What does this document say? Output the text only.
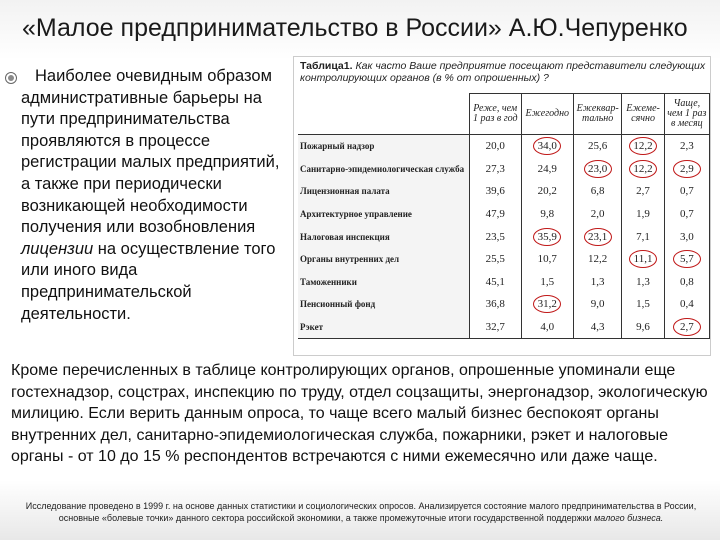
«Малое предпринимательство в России» А.Ю.Чепуренко
Наиболее очевидным образом административные барьеры на пути предпринимательства проявляются в процессе регистрации малых предприятий, а также при периодически возникающей необходимости получения или возобновления лицензии на осуществление того или иного вида предпринимательской деятельности.
Таблица1. Как часто Ваше предприятие посещают представители следующих контролирующих органов (в % от опрошенных) ?
	Реже, чем 1 раз в год	Ежегодно	Ежеквар-тально	Ежеме-сячно	Чаще, чем 1 раз в месяц
Пожарный надзор	20,0	34,0	25,6	12,2	2,3
Санитарно-эпидемиологическая служба	27,3	24,9	23,0	12,2	2,9
Лицензионная палата	39,6	20,2	6,8	2,7	0,7
Архитектурное управление	47,9	9,8	2,0	1,9	0,7
Налоговая инспекция	23,5	35,9	23,1	7,1	3,0
Органы внутренних дел	25,5	10,7	12,2	11,1	5,7
Таможенники	45,1	1,5	1,3	1,3	0,8
Пенсионный фонд	36,8	31,2	9,0	1,5	0,4
Рэкет	32,7	4,0	4,3	9,6	2,7
Кроме перечисленных в таблице контролирующих органов, опрошенные упоминали еще гостехнадзор, соцстрах, инспекцию по труду, отдел соцзащиты, энергонадзор, экологическую милицию. Если верить данным опроса, то чаще всего малый бизнес беспокоят органы внутренних дел, санитарно-эпидемиологическая служба, пожарники, рэкет и налоговые органы - от 10 до 15 % респондентов встречаются с ними ежемесячно или даже чаще.
Исследование проведено в 1999 г. на основе данных статистики и социологических опросов. Анализируется состояние малого предпринимательства в России, основные «болевые точки» данного сектора российской экономики, а также промежуточные итоги государственной поддержки малого бизнеса.
